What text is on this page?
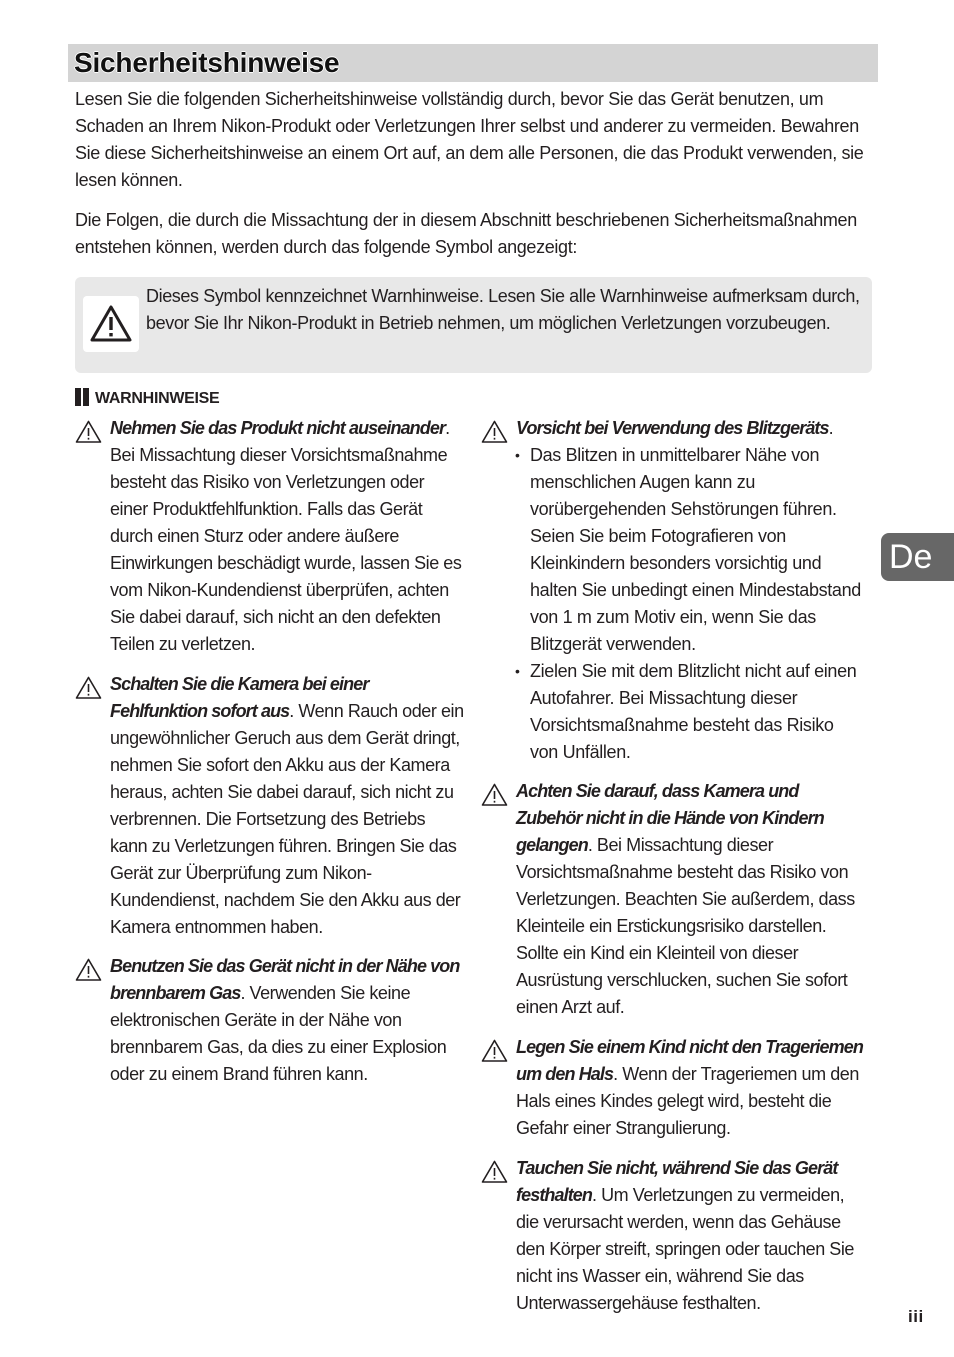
Sicherheitshinweise

Lesen Sie die folgenden Sicherheitshinweise vollständig durch, bevor Sie das Gerät benutzen, um Schaden an Ihrem Nikon-Produkt oder Verletzungen Ihrer selbst und anderer zu vermeiden. Bewahren Sie diese Sicherheitshinweise an einem Ort auf, an dem alle Personen, die das Produkt verwenden, sie lesen können.

Die Folgen, die durch die Missachtung der in diesem Abschnitt beschriebenen Sicherheitsmaßnahmen entstehen können, werden durch das folgende Symbol angezeigt:

Dieses Symbol kennzeichnet Warnhinweise. Lesen Sie alle Warnhinweise aufmerksam durch, bevor Sie Ihr Nikon-Produkt in Betrieb nehmen, um möglichen Verletzungen vorzubeugen.

WARNHINWEISE

Nehmen Sie das Produkt nicht auseinander. Bei Missachtung dieser Vorsichtsmaßnahme besteht das Risiko von Verletzungen oder einer Produktfehlfunktion. Falls das Gerät durch einen Sturz oder andere äußere Einwirkungen beschädigt wurde, lassen Sie es vom Nikon-Kundendienst überprüfen, achten Sie dabei darauf, sich nicht an den defekten Teilen zu verletzen.

Schalten Sie die Kamera bei einer Fehlfunktion sofort aus. Wenn Rauch oder ein ungewöhnlicher Geruch aus dem Gerät dringt, nehmen Sie sofort den Akku aus der Kamera heraus, achten Sie dabei darauf, sich nicht zu verbrennen. Die Fortsetzung des Betriebs kann zu Verletzungen führen. Bringen Sie das Gerät zur Überprüfung zum Nikon-Kundendienst, nachdem Sie den Akku aus der Kamera entnommen haben.

Benutzen Sie das Gerät nicht in der Nähe von brennbarem Gas. Verwenden Sie keine elektronischen Geräte in der Nähe von brennbarem Gas, da dies zu einer Explosion oder zu einem Brand führen kann.

Vorsicht bei Verwendung des Blitzgeräts.

• Das Blitzen in unmittelbarer Nähe von menschlichen Augen kann zu vorübergehenden Sehstörungen führen. Seien Sie beim Fotografieren von Kleinkindern besonders vorsichtig und halten Sie unbedingt einen Mindestabstand von 1 m zum Motiv ein, wenn Sie das Blitzgerät verwenden.
• Zielen Sie mit dem Blitzlicht nicht auf einen Autofahrer. Bei Missachtung dieser Vorsichtsmaßnahme besteht das Risiko von Unfällen.

Achten Sie darauf, dass Kamera und Zubehör nicht in die Hände von Kindern gelangen. Bei Missachtung dieser Vorsichtsmaßnahme besteht das Risiko von Verletzungen. Beachten Sie außerdem, dass Kleinteile ein Erstickungsrisiko darstellen. Sollte ein Kind ein Kleinteil von dieser Ausrüstung verschlucken, suchen Sie sofort einen Arzt auf.

Legen Sie einem Kind nicht den Trageriemen um den Hals. Wenn der Trageriemen um den Hals eines Kindes gelegt wird, besteht die Gefahr einer Strangulierung.

Tauchen Sie nicht, während Sie das Gerät festhalten. Um Verletzungen zu vermeiden, die verursacht werden, wenn das Gehäuse den Körper streift, springen oder tauchen Sie nicht ins Wasser ein, während Sie das Unterwassergehäuse festhalten.

De
iii
